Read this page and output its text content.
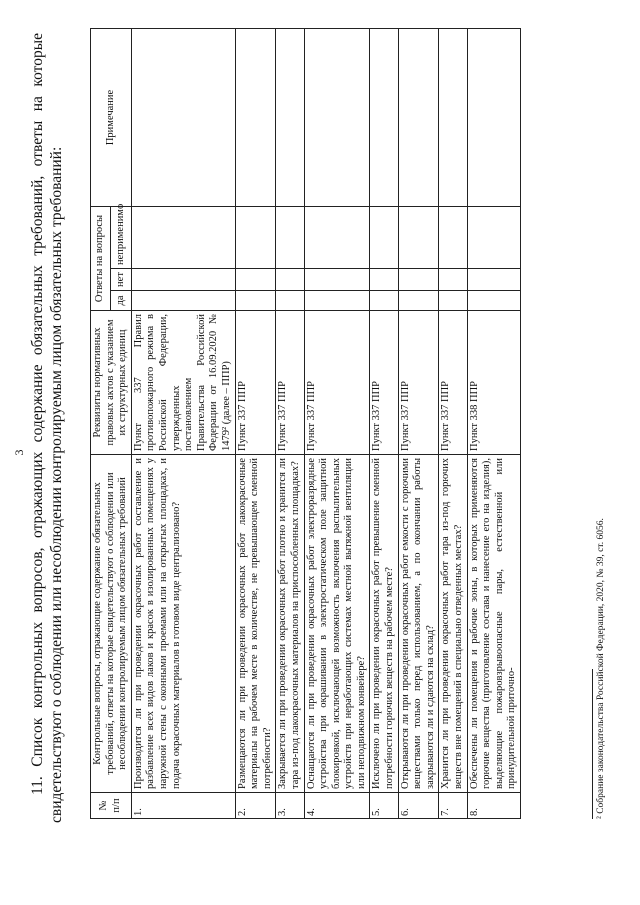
3 11. Список контрольных вопросов, отражающих содержание обязательных требований, ответы на которые свидетельствуют о соблюдении или несоблюдении контролируемым лицом обязательных требований:	№ п/п	Контрольные вопросы, отражающие содержание обязательных требований, ответы на которые свидетельствуют о соблюдении или несоблюдении контролируемым лицом обязательных требований	Реквизиты нормативных правовых актов с указанием их структурных единиц	Ответы на вопросы			Примечание
			да	нет	неприменимо	
1.	Производится ли при проведении окрасочных работ составление и разбавление всех видов лаков и красок в изолированных помещениях у наружной стены с оконными проемами или на открытых площадках, и подача окрасочных материалов в готовом виде централизовано?	Пункт 337 Правил противопожарного режима в Российской Федерации, утвержденных постановлением Правительства Российской Федерации от 16.09.2020 № 1479² (далее – ППР)				
2.	Размещаются ли при проведении окрасочных работ лакокрасочные материалы на рабочем месте в количестве, не превышающем сменной потребности?	Пункт 337 ППР				
3.	Закрывается ли при проведении окрасочных работ плотно и хранится ли тара из-под лакокрасочных материалов на приспособленных площадках?	Пункт 337 ППР				
4.	Оснащаются ли при проведении окрасочных работ электроразрядные устройства при окрашивании в электростатическом поле защитной блокировкой, исключающей возможность включения распылительных устройств при неработающих системах местной вытяжной вентиляции или неподвижном конвейере?	Пункт 337 ППР				
5.	Исключено ли при проведении окрасочных работ превышение сменной потребности горючих веществ на рабочем месте?	Пункт 337 ППР				
6.	Открываются ли при проведении окрасочных работ емкости с горючими веществами только перед использованием, а по окончании работы закрываются ли и сдаются на склад?	Пункт 337 ППР				
7.	Хранится ли при проведении окрасочных работ тара из-под горючих веществ вне помещений в специально отведенных местах?	Пункт 337 ППР				
8.	Обеспечены ли помещения и рабочие зоны, в которых применяются горючие вещества (приготовление состава и нанесение его на изделия), выделяющие пожаровзрывоопасные пары, естественной или принудительной приточно-	Пункт 338 ППР				
² Собрание законодательства Российской Федерации, 2020, № 39, ст. 6056.
